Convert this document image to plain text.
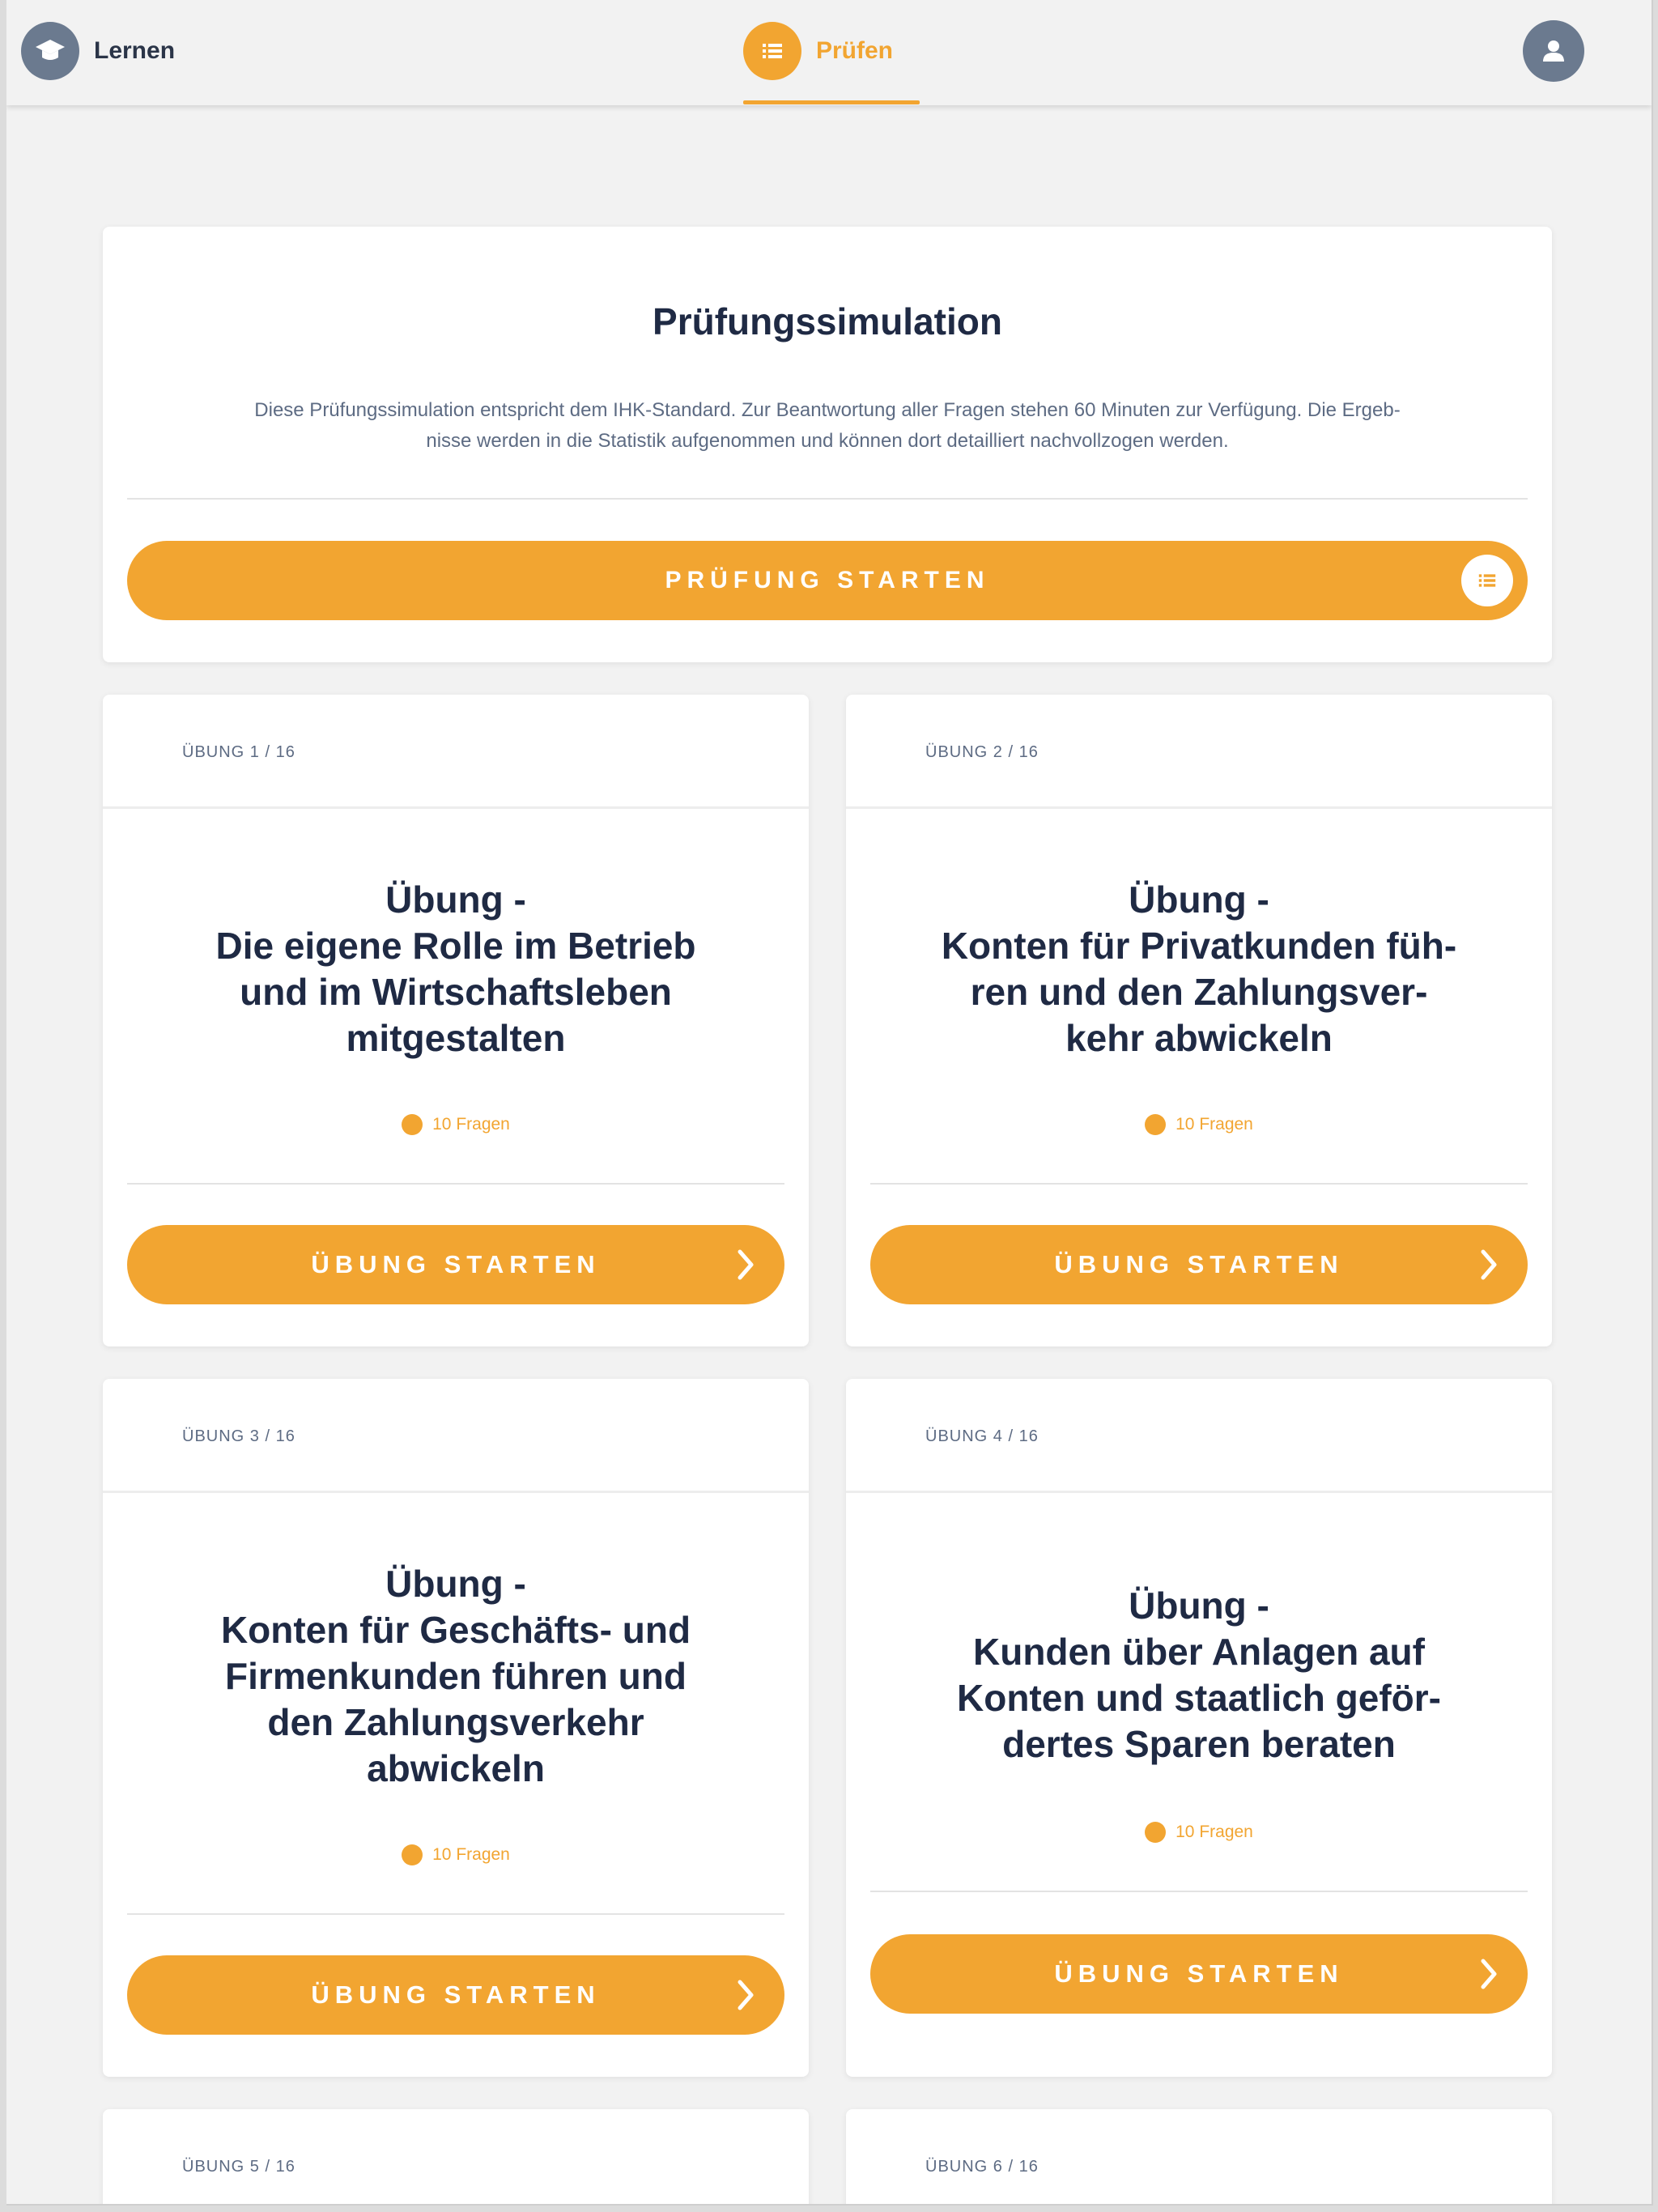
Lernen	Prüfen
Prüfungssimulation
Diese Prüfungssimulation entspricht dem IHK-Standard. Zur Beantwortung aller Fragen stehen 60 Minuten zur Verfügung. Die Ergeb-
nisse werden in die Statistik aufgenommen und können dort detailliert nachvollzogen werden.
PRÜFUNG STARTEN
ÜBUNG 1 / 16
Übung -
Die eigene Rolle im Betrieb
und im Wirtschaftsleben
mitgestalten
10 Fragen
ÜBUNG STARTEN
ÜBUNG 2 / 16
Übung -
Konten für Privatkunden füh-
ren und den Zahlungsver-
kehr abwickeln
10 Fragen
ÜBUNG STARTEN
ÜBUNG 3 / 16
Übung -
Konten für Geschäfts- und
Firmenkunden führen und
den Zahlungsverkehr
abwickeln
10 Fragen
ÜBUNG STARTEN
ÜBUNG 4 / 16
Übung -
Kunden über Anlagen auf
Konten und staatlich geför-
dertes Sparen beraten
10 Fragen
ÜBUNG STARTEN
ÜBUNG 5 / 16	ÜBUNG 6 / 16
